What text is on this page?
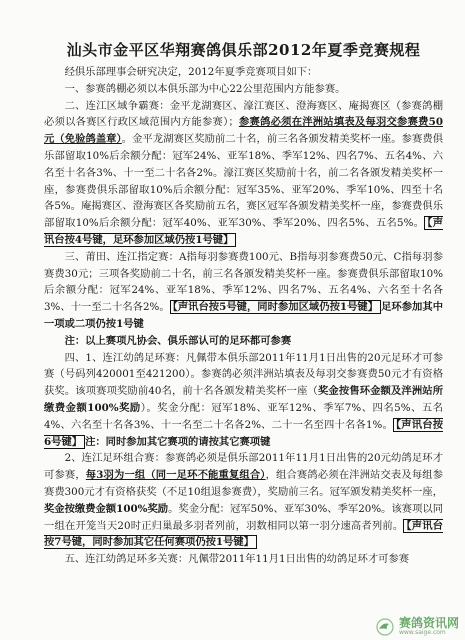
汕头市金平区华翔赛鸽俱乐部2012年夏季竞赛规程

经俱乐部理事会研究决定，2012年夏季竞赛项目如下：

一、参赛鸽棚必须以本俱乐部为中心22公里范围内方能参赛。

二、连江区域争霸赛：金平龙湖赛区、濠江赛区、澄海赛区、庵揭赛区（参赛鸽棚必须以各赛区行政区域范围内方能参赛）；参赛鸽必须在泮洲站填表及每羽交参赛费50元（免验鸽盖章）。金平龙湖赛区奖励前二十名，前三名各颁发精美奖杯一座。参赛费俱乐部留取10%后余额分配：冠军24%、亚军18%、季军12%、四名7%、五名4%、六名至十名各3%、十一至二十名各2%。濠江赛区奖励前十名，前二名各颁发精美奖杯一座，参赛费俱乐部留取10%后余额分配：冠军35%、亚军20%、季军10%、四至十名各5%。庵揭赛区、澄海赛区各奖励前五名，赛区冠军各颁发精美奖杯一座，参赛费俱乐部留取10%后余额分配：冠军40%、亚军30%、季军20%、四名5%、五名5%。 【声讯台按4号键，足环参加区域仍按1号键】

三、莆田、连江指定赛：A指每羽参赛费100元、B指每羽参赛费50元、C指每羽参赛费30元；三项各奖励前二十名，前三名各颁发精美奖杯一座。参赛费俱乐部留取10%后余额分配：冠军24%、亚军18%、季军12%、四名7%、五名4%、六名至十名各3%、十一至二十名各2%。 【声讯台按5号键，同时参加区域仍按1号键】 足环参加其中一项或二项仍按1号键

注：以上赛项凡协会、俱乐部认可的足环都可参赛

四、1、连江幼鸽足环赛：凡佩带本俱乐部2011年11月1日出售的20元足环才可参赛（号码列420001至421200）。参赛鸽必须泮洲站填表及每羽交参赛费50元才有资格获奖。该项赛项奖励前40名，前十名各颁发精美奖杯一座（奖金按售环金额及泮洲站所缴费金额100%奖励）。奖金分配：冠军18%、亚军12%、季军7%、四名5%、五名4%、六名至十名各3%、十一名至二十名各2%、二十一名至四十名各1%。 【声讯台按6号键】 注：同时参加其它赛项的请按其它赛项键

2、连江足环组合赛：参赛鸽必须是俱乐部2011年11月1日出售的20元幼鸽足环才可参赛，每3羽为一组（同一足环不能重复组合），组合赛鸽必须在泮洲站交表及每组参赛费300元才有资格获奖（不足10组退参赛费），奖励前三名。冠军颁发精美奖杯一座，奖金按缴费金额100%奖励。奖金分配：冠军50%、亚军30%、季军20%。该赛项以同一组在开笼当天20时正归巢最多羽者列前，羽数相同以第一羽分速高者列前。 【声讯台按7号键，同时参加其它任何赛项仍按1号键】

五、连江幼鸽足环多关赛：凡佩带2011年11月1日出售的幼鸽足环才可参赛

赛鸽资讯网
www.saige.com
